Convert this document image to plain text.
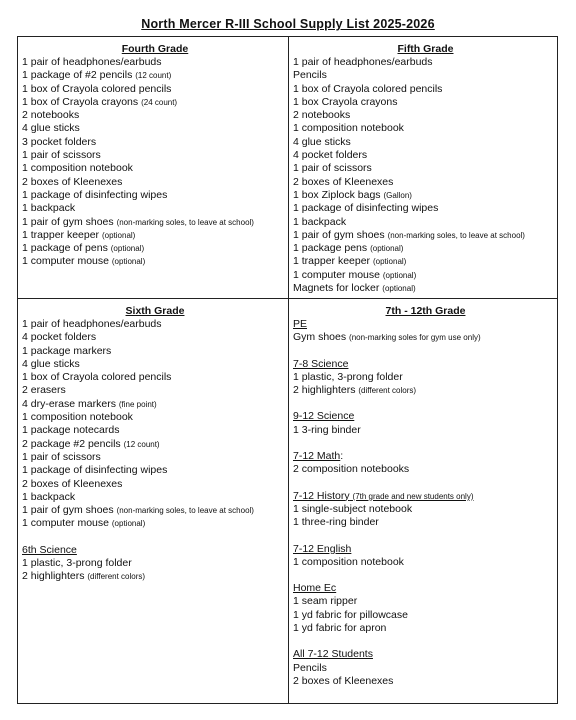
North Mercer R-III School Supply List 2025-2026
Fourth Grade
1 pair of headphones/earbuds
1 package of #2 pencils (12 count)
1 box of Crayola colored pencils
1 box of Crayola crayons (24 count)
2 notebooks
4 glue sticks
3 pocket folders
1 pair of scissors
1 composition notebook
2 boxes of Kleenexes
1 package of disinfecting wipes
1 backpack
1 pair of gym shoes (non-marking soles, to leave at school)
1 trapper keeper (optional)
1 package of pens (optional)
1 computer mouse (optional)
Fifth Grade
1 pair of headphones/earbuds
Pencils
1 box of Crayola colored pencils
1 box Crayola crayons
2 notebooks
1 composition notebook
4 glue sticks
4 pocket folders
1 pair of scissors
2 boxes of Kleenexes
1 box Ziplock bags (Gallon)
1 package of disinfecting wipes
1 backpack
1 pair of gym shoes (non-marking soles, to leave at school)
1 package pens (optional)
1 trapper keeper (optional)
1 computer mouse (optional)
Magnets for locker (optional)
Sixth Grade
1 pair of headphones/earbuds
4 pocket folders
1 package markers
4 glue sticks
1 box of Crayola colored pencils
2 erasers
4 dry-erase markers (fine point)
1 composition notebook
1 package notecards
2 package #2 pencils (12 count)
1 pair of scissors
1 package of disinfecting wipes
2 boxes of Kleenexes
1 backpack
1 pair of gym shoes (non-marking soles, to leave at school)
1 computer mouse (optional)
6th Science
1 plastic, 3-prong folder
2 highlighters (different colors)
7th - 12th Grade
PE
Gym shoes (non-marking soles for gym use only)
7-8 Science
1 plastic, 3-prong folder
2 highlighters (different colors)
9-12 Science
1 3-ring binder
7-12 Math:
2 composition notebooks
7-12 History (7th grade and new students only)
1 single-subject notebook
1 three-ring binder
7-12 English
1 composition notebook
Home Ec
1 seam ripper
1 yd fabric for pillowcase
1 yd fabric for apron
All 7-12 Students
Pencils
2 boxes of Kleenexes
